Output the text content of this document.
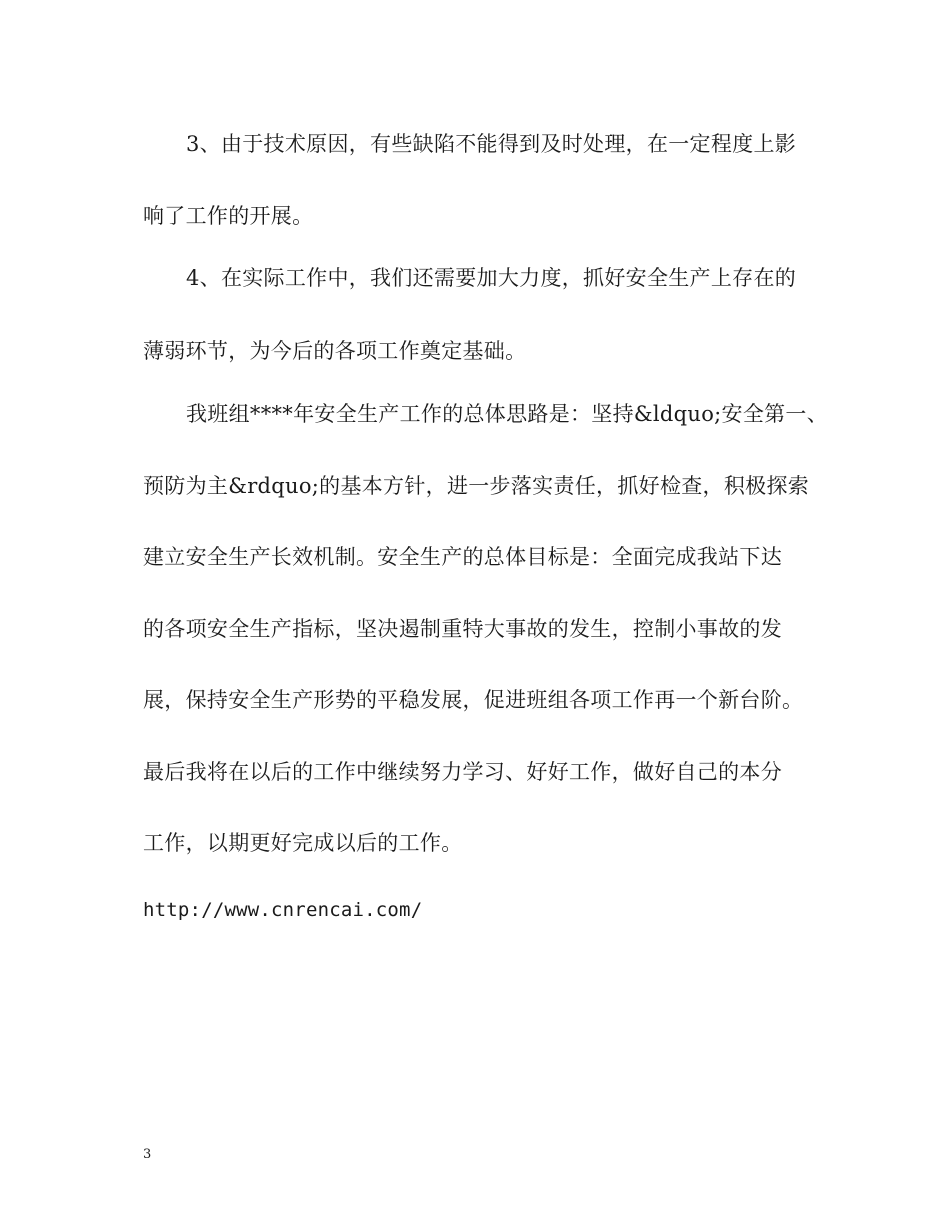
3、由于技术原因，有些缺陷不能得到及时处理，在一定程度上影
响了工作的开展。
4、在实际工作中，我们还需要加大力度，抓好安全生产上存在的
薄弱环节，为今后的各项工作奠定基础。
我班组****年安全生产工作的总体思路是：坚持&ldquo;安全第一、
预防为主&rdquo;的基本方针，进一步落实责任，抓好检查，积极探索
建立安全生产长效机制。安全生产的总体目标是：全面完成我站下达
的各项安全生产指标，坚决遏制重特大事故的发生，控制小事故的发
展，保持安全生产形势的平稳发展，促进班组各项工作再一个新台阶。
最后我将在以后的工作中继续努力学习、好好工作，做好自己的本分
工作，以期更好完成以后的工作。
http://www.cnrencai.com/
3
